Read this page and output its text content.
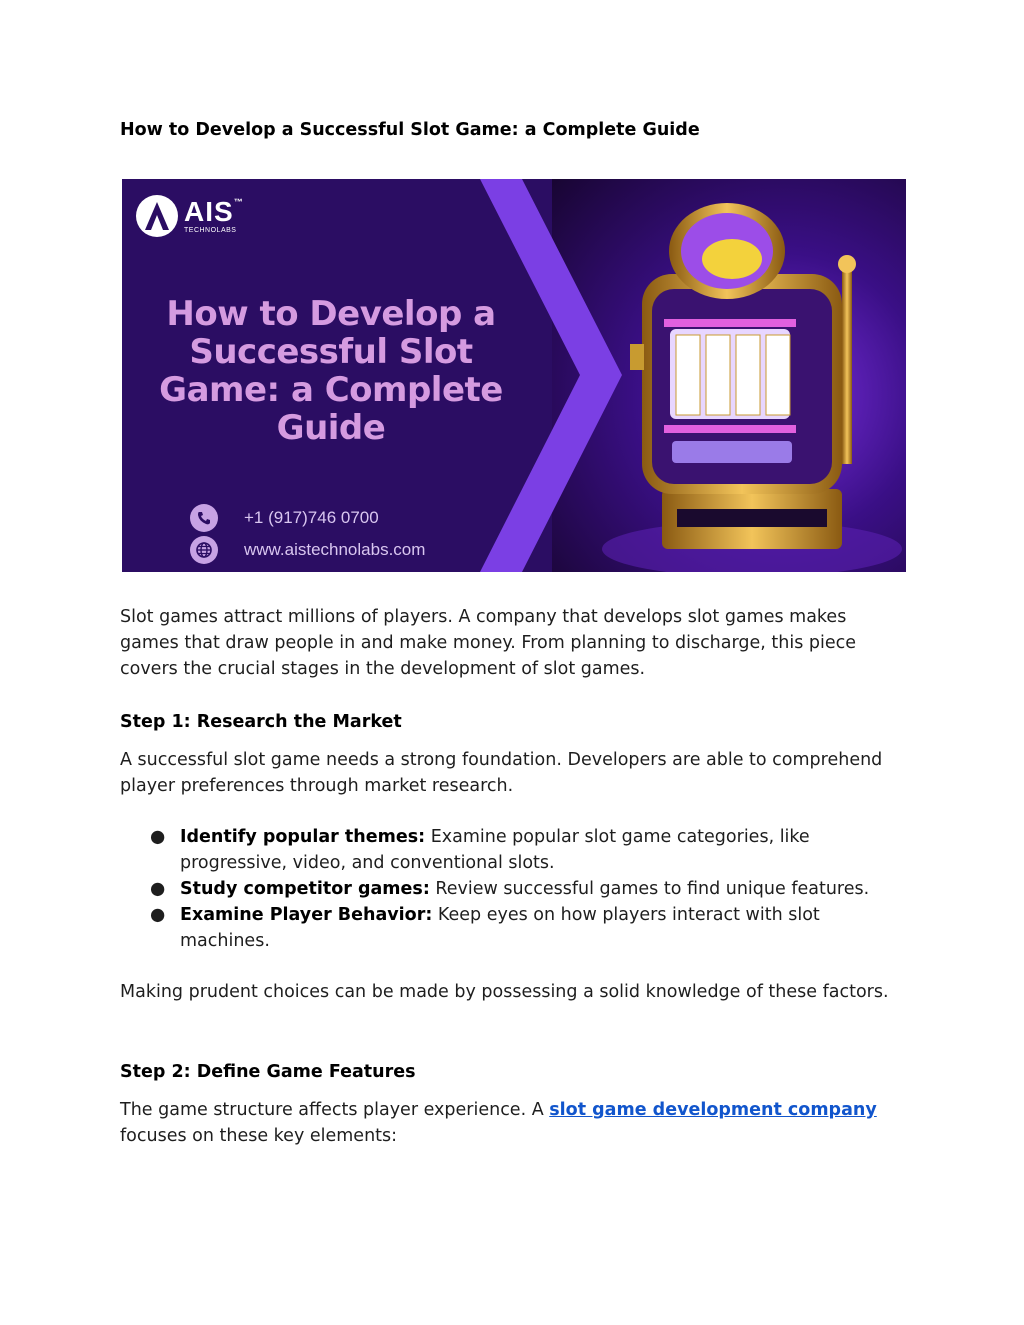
How to Develop a Successful Slot Game: a Complete Guide
AIS™
TECHNOLABS
How to Develop a
Successful Slot
Game: a Complete
Guide
+1 (917)746 0700
www.aistechnolabs.com

Slot games attract millions of players. A company that develops slot games makes games that draw people in and make money. From planning to discharge, this piece covers the crucial stages in the development of slot games.

Step 1: Research the Market

A successful slot game needs a strong foundation. Developers are able to comprehend player preferences through market research.

● Identify popular themes: Examine popular slot game categories, like progressive, video, and conventional slots.
● Study competitor games: Review successful games to find unique features.
● Examine Player Behavior: Keep eyes on how players interact with slot machines.

Making prudent choices can be made by possessing a solid knowledge of these factors.

Step 2: Define Game Features

The game structure affects player experience. A slot game development company focuses on these key elements:
